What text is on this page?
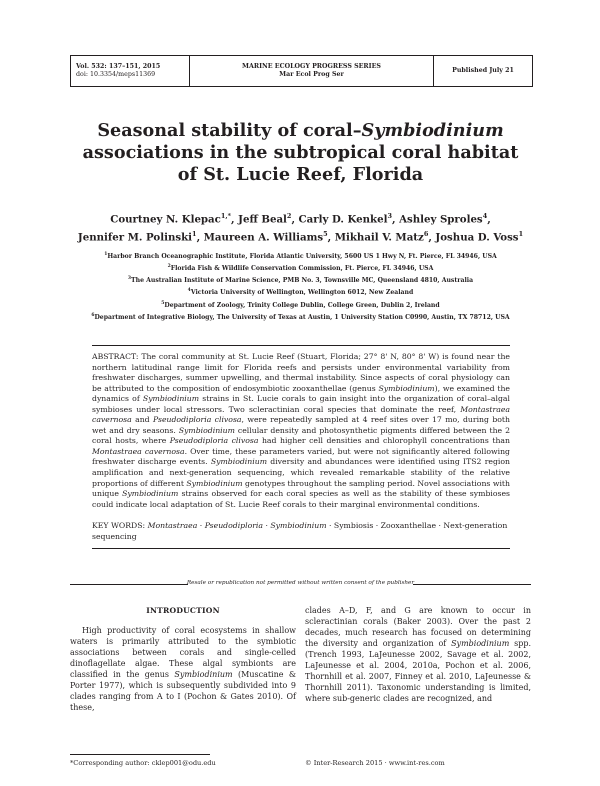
Vol. 532: 137–151, 2015
doi: 10.3354/meps11369
MARINE ECOLOGY PROGRESS SERIES
Mar Ecol Prog Ser
Published July 21
Seasonal stability of coral–Symbiodinium
associations in the subtropical coral habitat
of St. Lucie Reef, Florida
Courtney N. Klepac$^{1,*}$, Jeff Beal$^2$, Carly D. Kenkel$^3$, Ashley Sproles$^4$,
Jennifer M. Polinski$^1$, Maureen A. Williams$^5$, Mikhail V. Matz$^6$, Joshua D. Voss$^1$
$^1$Harbor Branch Oceanographic Institute, Florida Atlantic University, 5600 US 1 Hwy N, Ft. Pierce, FL 34946, USA
$^2$Florida Fish & Wildlife Conservation Commission, Ft. Pierce, FL 34946, USA
$^3$The Australian Institute of Marine Science, PMB No. 3, Townsville MC, Queensland 4810, Australia
$^4$Victoria University of Wellington, Wellington 6012, New Zealand
$^5$Department of Zoology, Trinity College Dublin, College Green, Dublin 2, Ireland
$^6$Department of Integrative Biology, The University of Texas at Austin, 1 University Station C0990, Austin, TX 78712, USA

ABSTRACT: The coral community at St. Lucie Reef (Stuart, Florida; 27° 8' N, 80° 8' W) is found near the northern latitudinal range limit for Florida reefs and persists under environmental variability from freshwater discharges, summer upwelling, and thermal instability. Since aspects of coral physiology can be attributed to the composition of endosymbiotic zooxanthellae (genus Symbiodinium), we examined the dynamics of Symbiodinium strains in St. Lucie corals to gain insight into the organization of coral–algal symbioses under local stressors. Two scleractinian coral species that dominate the reef, Montastraea cavernosa and Pseudodiploria clivosa, were repeatedly sampled at 4 reef sites over 17 mo, during both wet and dry seasons. Symbiodinium cellular density and photosynthetic pigments differed between the 2 coral hosts, where Pseudodiploria clivosa had higher cell densities and chlorophyll concentrations than Montastraea cavernosa. Over time, these parameters varied, but were not significantly altered following freshwater discharge events. Symbiodinium diversity and abundances were identified using ITS2 region amplification and next-generation sequencing, which revealed remarkable stability of the relative proportions of different Symbiodinium genotypes throughout the sampling period. Novel associations with unique Symbiodinium strains observed for each coral species as well as the stability of these symbioses could indicate local adaptation of St. Lucie Reef corals to their marginal environmental conditions.

KEY WORDS: Montastraea · Pseudodiploria · Symbiodinium · Symbiosis · Zooxanthellae · Next-generation sequencing

Resale or republication not permitted without written consent of the publisher
INTRODUCTION

High productivity of coral ecosystems in shallow waters is primarily attributed to the symbiotic associations between corals and single-celled dinoflagellate algae. These algal symbionts are classified in the genus Symbiodinium (Muscatine & Porter 1977), which is subsequently subdivided into 9 clades ranging from A to I (Pochon & Gates 2010). Of these,

clades A–D, F, and G are known to occur in scleractinian corals (Baker 2003). Over the past 2 decades, much research has focused on determining the diversity and organization of Symbiodinium spp. (Trench 1993, LaJeunesse 2002, Savage et al. 2002, LaJeunesse et al. 2004, 2010a, Pochon et al. 2006, Thornhill et al. 2007, Finney et al. 2010, LaJeunesse & Thornhill 2011). Taxonomic understanding is limited, where sub-generic clades are recognized, and

*Corresponding author: cklep001@odu.edu	© Inter-Research 2015 · www.int-res.com
